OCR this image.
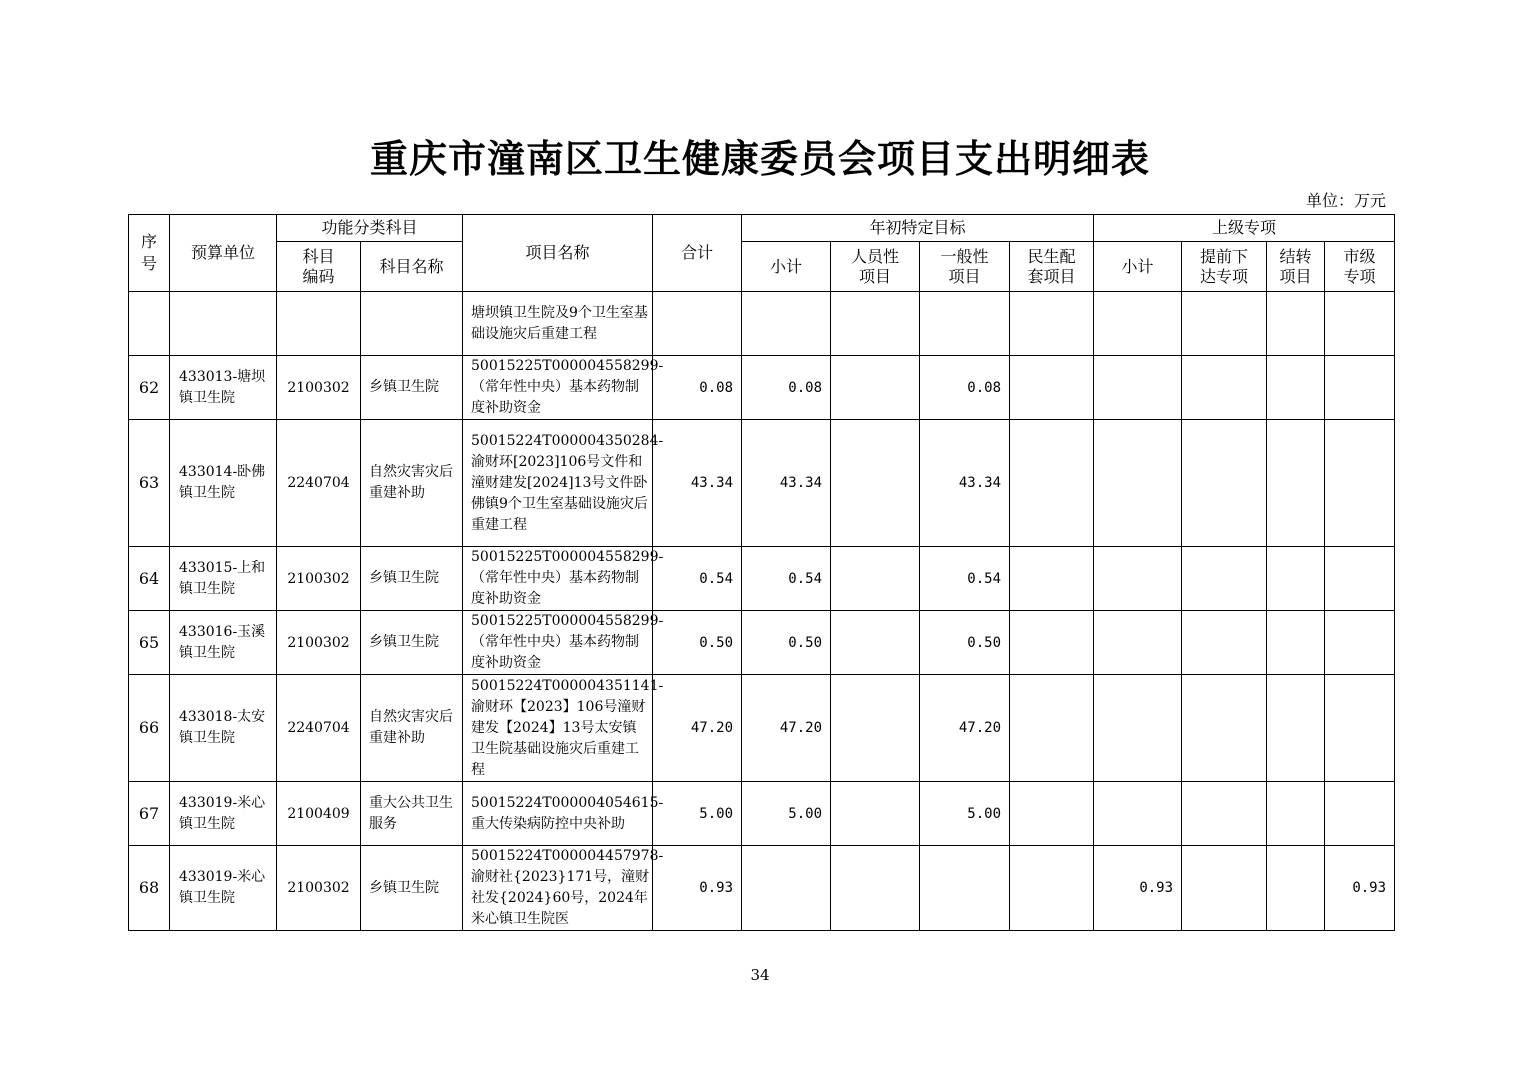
重庆市潼南区卫生健康委员会项目支出明细表
单位：万元
序号	预算单位	功能分类科目		项目名称	合计	年初特定目标				上级专项			

		科目编码	科目名称			小计	人员性项目	一般性项目	民生配套项目	小计	提前下达专项	结转项目	市级专项

				塘坝镇卫生院及9个卫生室基础设施灾后重建工程									
62	433013-塘坝镇卫生院	2100302	乡镇卫生院	50015225T000004558299-（常年性中央）基本药物制度补助资金	0.08	0.08		0.08					
63	433014-卧佛镇卫生院	2240704	自然灾害灾后重建补助	50015224T000004350284-渝财环[2023]106号文件和潼财建发[2024]13号文件卧佛镇9个卫生室基础设施灾后重建工程	43.34	43.34		43.34					
64	433015-上和镇卫生院	2100302	乡镇卫生院	50015225T000004558299-（常年性中央）基本药物制度补助资金	0.54	0.54		0.54					
65	433016-玉溪镇卫生院	2100302	乡镇卫生院	50015225T000004558299-（常年性中央）基本药物制度补助资金	0.50	0.50		0.50					
66	433018-太安镇卫生院	2240704	自然灾害灾后重建补助	50015224T000004351141-渝财环【2023】106号潼财建发【2024】13号太安镇卫生院基础设施灾后重建工程	47.20	47.20		47.20					
67	433019-米心镇卫生院	2100409	重大公共卫生服务	50015224T000004054615-重大传染病防控中央补助	5.00	5.00		5.00					
68	433019-米心镇卫生院	2100302	乡镇卫生院	50015224T000004457978-渝财社{2023}171号，潼财社发{2024}60号，2024年米心镇卫生院医	0.93					0.93			0.93
34
